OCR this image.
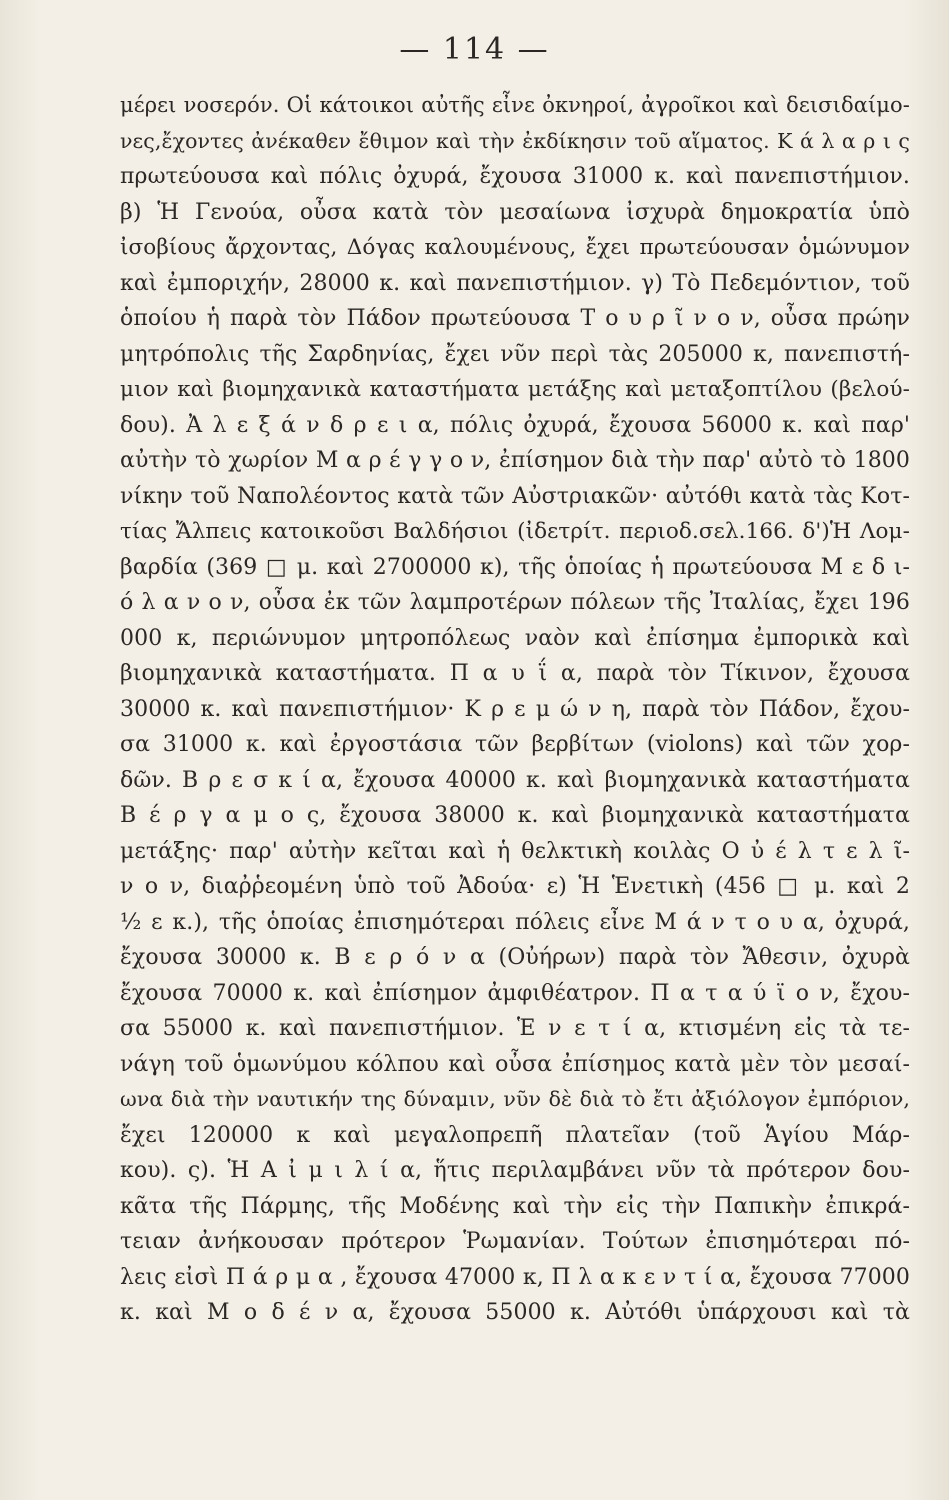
— 114 —
μέρει νοσερόν. Οἱ κάτοικοι αὐτῆς εἶνε ὀκνηροί, ἀγροῖκοι καὶ δεισιδαίμο-
νες,ἔχοντες ἀνέκαθεν ἔθιμον καὶ τὴν ἐκδίκησιν τοῦ αἵματος. Κ ά λ α ρ ι ς
πρωτεύουσα καὶ πόλις ὀχυρά, ἔχουσα 31000 κ. καὶ πανεπιστήμιον.
β) Ἡ Γενούα, οὖσα κατὰ τὸν μεσαίωνα ἰσχυρὰ δημοκρατία ὑπὸ
ἰσοβίους ἄρχοντας, Δόγας καλουμένους, ἔχει πρωτεύουσαν ὁμώνυμον
καὶ ἐμποριχήν, 28000 κ. καὶ πανεπιστήμιον. γ) Τὸ Πεδεμόντιον, τοῦ
ὁποίου ἡ παρὰ τὸν Πάδον πρωτεύουσα Τ ο υ ρ ῖ ν ο ν, οὖσα πρώην
μητρόπολις τῆς Σαρδηνίας, ἔχει νῦν περὶ τὰς 205000 κ, πανεπιστή-
μιον καὶ βιομηχανικὰ καταστήματα μετάξης καὶ μεταξοπτίλου (βελού-
δου). Ἀ λ ε ξ ά ν δ ρ ε ι α, πόλις ὀχυρά, ἔχουσα 56000 κ. καὶ παρ'
αὐτὴν τὸ χωρίον Μ α ρ έ γ γ ο ν, ἐπίσημον διὰ τὴν παρ' αὐτὸ τὸ 1800
νίκην τοῦ Ναπολέοντος κατὰ τῶν Αὐστριακῶν· αὐτόθι κατὰ τὰς Κοτ-
τίας Ἄλπεις κατοικοῦσι Βαλδήσιοι (ἰδετρίτ. περιοδ.σελ.166. δ')Ἡ Λομ-
βαρδία (369 □ μ. καὶ 2700000 κ), τῆς ὁποίας ἡ πρωτεύουσα Μ ε δ ι-
ό λ α ν ο ν, οὖσα ἐκ τῶν λαμπροτέρων πόλεων τῆς Ἰταλίας, ἔχει 196
000 κ, περιώνυμον μητροπόλεως ναὸν καὶ ἐπίσημα ἐμπορικὰ καὶ
βιομηχανικὰ καταστήματα. Π α υ ΐ α, παρὰ τὸν Τίκινον, ἔχουσα
30000 κ. καὶ πανεπιστήμιον· Κ ρ ε μ ώ ν η, παρὰ τὸν Πάδον, ἔχου-
σα 31000 κ. καὶ ἐργοστάσια τῶν βερβίτων (violons) καὶ τῶν χορ-
δῶν. Β ρ ε σ κ ί α, ἔχουσα 40000 κ. καὶ βιομηχανικὰ καταστήματα
Β έ ρ γ α μ ο ς, ἔχουσα 38000 κ. καὶ βιομηχανικὰ καταστήματα
μετάξης· παρ' αὐτὴν κεῖται καὶ ἡ θελκτικὴ κοιλὰς Ο ὐ έ λ τ ε λ ῖ-
ν ο ν, διαῤῥεομένη ὑπὸ τοῦ Ἀδούα· ε) Ἡ Ἑνετικὴ (456 □ μ. καὶ 2
½ ε κ.), τῆς ὁποίας ἐπισημότεραι πόλεις εἶνε Μ ά ν τ ο υ α, ὀχυρά,
ἔχουσα 30000 κ. Β ε ρ ό ν α (Οὐήρων) παρὰ τὸν Ἄθεσιν, ὀχυρὰ
ἔχουσα 70000 κ. καὶ ἐπίσημον ἀμφιθέατρον. Π α τ α ύ ϊ ο ν, ἔχου-
σα 55000 κ. καὶ πανεπιστήμιον. Ἑ ν ε τ ί α, κτισμένη εἰς τὰ τε-
νάγη τοῦ ὁμωνύμου κόλπου καὶ οὖσα ἐπίσημος κατὰ μὲν τὸν μεσαί-
ωνα διὰ τὴν ναυτικήν της δύναμιν, νῦν δὲ διὰ τὸ ἔτι ἀξιόλογον ἐμπόριον,
ἔχει 120000 κ καὶ μεγαλοπρεπῆ πλατεῖαν (τοῦ Ἁγίου Μάρ-
κου). ς). Ἡ Α ἰ μ ι λ ί α, ἥτις περιλαμβάνει νῦν τὰ πρότερον δου-
κᾶτα τῆς Πάρμης, τῆς Μοδένης καὶ τὴν εἰς τὴν Παπικὴν ἐπικρά-
τειαν ἀνήκουσαν πρότερον Ῥωμανίαν. Τούτων ἐπισημότεραι πό-
λεις εἰσὶ Π ά ρ μ α , ἔχουσα 47000 κ, Π λ α κ ε ν τ ί α, ἔχουσα 77000
κ. καὶ Μ ο δ έ ν α, ἔχουσα 55000 κ. Αὐτόθι ὑπάρχουσι καὶ τὰ
